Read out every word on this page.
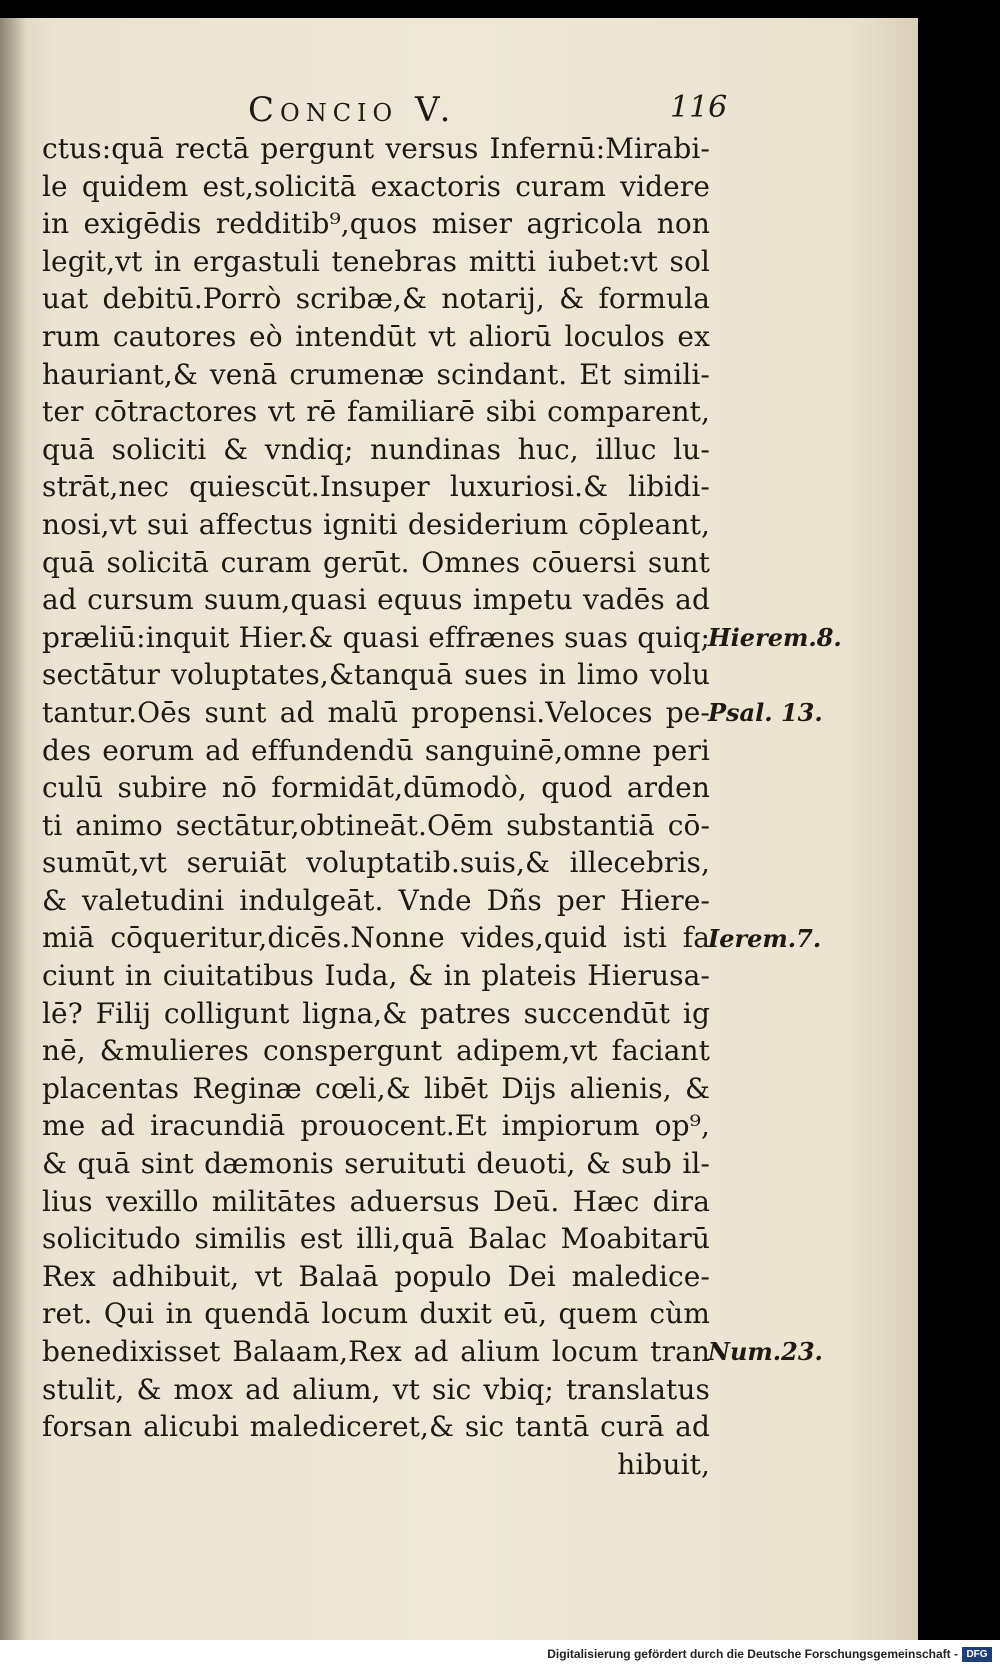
Concio V.	116
ctus:quā rectā pergunt versus Infernū:Mirabi-
le quidem est,solicitā exactoris curam videre
in exigēdis redditib⁹,quos miser agricola non
legit,vt in ergastuli tenebras mitti iubet:vt sol
uat debitū.Porrò scribæ,& notarij, & formula
rum cautores eò intendūt vt aliorū loculos ex
hauriant,& venā crumenæ scindant. Et simili-
ter cōtractores vt rē familiarē sibi comparent,
quā soliciti & vndiq; nundinas huc, illuc lu-
strāt,nec quiescūt.Insuper luxuriosi.& libidi-
nosi,vt sui affectus igniti desiderium cōpleant,
quā solicitā curam gerūt. Omnes cōuersi sunt
ad cursum suum,quasi equus impetu vadēs ad
præliū:inquit Hier.& quasi effrænes suas quiq;
sectātur voluptates,&tanquā sues in limo volu
tantur.Oēs sunt ad malū propensi.Veloces pe-
des eorum ad effundendū sanguinē,omne peri
culū subire nō formidāt,dūmodò, quod arden
ti animo sectātur,obtineāt.Oēm substantiā cō-
sumūt,vt seruiāt voluptatib.suis,& illecebris,
& valetudini indulgeāt. Vnde Dñs per Hiere-
miā cōqueritur,dicēs.Nonne vides,quid isti fa
ciunt in ciuitatibus Iuda, & in plateis Hierusa-
lē? Filij colligunt ligna,& patres succendūt ig
nē, &mulieres conspergunt adipem,vt faciant
placentas Reginæ cœli,& libēt Dijs alienis, &
me ad iracundiā prouocent.Et impiorum op⁹,
& quā sint dæmonis seruituti deuoti, & sub il-
lius vexillo militātes aduersus Deū. Hæc dira
solicitudo similis est illi,quā Balac Moabitarū
Rex adhibuit, vt Balaā populo Dei maledice-
ret. Qui in quendā locum duxit eū, quem cùm
benedixisset Balaam,Rex ad alium locum tran
stulit, & mox ad alium, vt sic vbiq; translatus
forsan alicubi malediceret,& sic tantā curā ad
hibuit,
Hierem.8.
Psal. 13.
Ierem.7.
Num.23.
Digitalisierung gefördert durch die Deutsche Forschungsgemeinschaft - DFG
